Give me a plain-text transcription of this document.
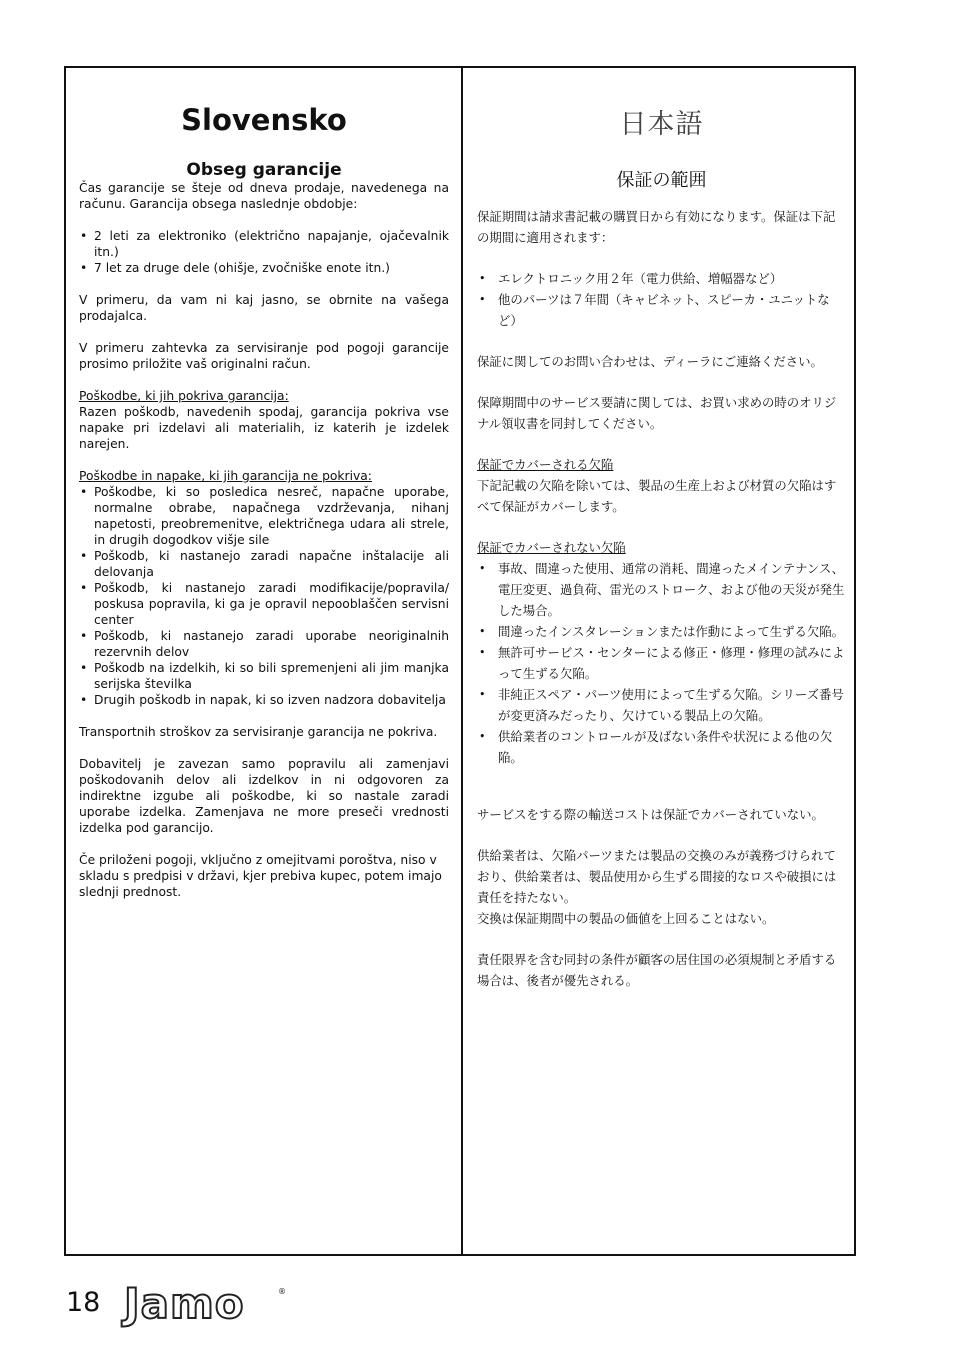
Slovensko
Obseg garancije

Čas garancije se šteje od dneva prodaje, navedenega na računu. Garancija obsega naslednje obdobje:

• 2 leti za elektroniko (električno napajanje, ojačevalnik itn.)
• 7 let za druge dele (ohišje, zvočniške enote itn.)

V primeru, da vam ni kaj jasno, se obrnite na vašega prodajalca.

V primeru zahtevka za servisiranje pod pogoji garancije prosimo priložite vaš originalni račun.

Poškodbe, ki jih pokriva garancija:

Razen poškodb, navedenih spodaj, garancija pokriva vse napake pri izdelavi ali materialih, iz katerih je izdelek narejen.

Poškodbe in napake, ki jih garancija ne pokriva:

• Poškodbe, ki so posledica nesreč, napačne uporabe, normalne obrabe, napačnega vzdrževanja, nihanj napetosti, preobremenitve, električnega udara ali strele, in drugih dogodkov višje sile
• Poškodb, ki nastanejo zaradi napačne inštalacije ali delovanja
• Poškodb, ki nastanejo zaradi modifikacije/popravila/ poskusa popravila, ki ga je opravil nepooblaščen servisni center
• Poškodb, ki nastanejo zaradi uporabe neoriginalnih rezervnih delov
• Poškodb na izdelkih, ki so bili spremenjeni ali jim manjka serijska številka
• Drugih poškodb in napak, ki so izven nadzora dobavitelja

Transportnih stroškov za servisiranje garancija ne pokriva.

Dobavitelj je zavezan samo popravilu ali zamenjavi poškodovanih delov ali izdelkov in ni odgovoren za indirektne izgube ali poškodbe, ki so nastale zaradi uporabe izdelka. Zamenjava ne more preseči vrednosti izdelka pod garancijo.

Če priloženi pogoji, vključno z omejitvami poroštva, niso v skladu s predpisi v državi, kjer prebiva kupec, potem imajo slednji prednost.

日本語
保証の範囲

保証期間は請求書記載の購買日から有効になります。保証は下記の期間に適用されます：

• エレクトロニック用２年（電力供給、増幅器など）
• 他のパーツは７年間（キャビネット、スピーカ・ユニットなど）

保証に関してのお問い合わせは、ディーラにご連絡ください。

保障期間中のサービス要請に関しては、お買い求めの時のオリジナル領収書を同封してください。

保証でカバーされる欠陥

下記記載の欠陥を除いては、製品の生産上および材質の欠陥はすべて保証がカバーします。

保証でカバーされない欠陥

• 事故、間違った使用、通常の消耗、間違ったメインテナンス、電圧変更、過負荷、雷光のストローク、および他の天災が発生した場合。
• 間違ったインスタレーションまたは作動によって生ずる欠陥。
• 無許可サービス・センターによる修正・修理・修理の試みによって生ずる欠陥。
• 非純正スペア・パーツ使用によって生ずる欠陥。シリーズ番号が変更済みだったり、欠けている製品上の欠陥。
• 供給業者のコントロールが及ばない条件や状況による他の欠陥。

サービスをする際の輸送コストは保証でカバーされていない。

供給業者は、欠陥パーツまたは製品の交換のみが義務づけられており、供給業者は、製品使用から生ずる間接的なロスや破損には責任を持たない。

交換は保証期間中の製品の価値を上回ることはない。

責任限界を含む同封の条件が顧客の居住国の必須規制と矛盾する場合は、後者が優先される。

18 Jamo	®
